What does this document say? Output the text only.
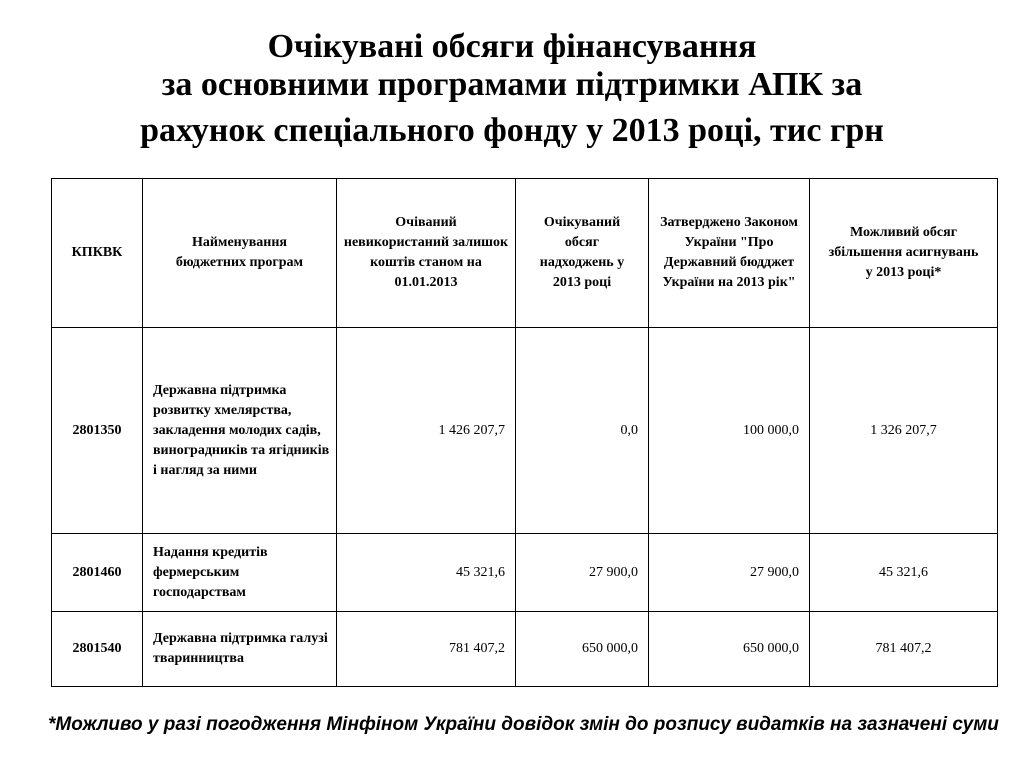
Очікувані обсяги фінансування
за основними програмами підтримки АПК за
рахунок спеціального фонду у 2013 році, тис грн
КПКВК	Найменування бюджетних програм	Очіваний невикористаний залишок коштів станом на 01.01.2013	Очікуваний обсяг надходжень у 2013 році	Затверджено Законом України "Про Державний бюдджет України на 2013 рік"	Можливий обсяг збільшення асигнувань у 2013 році*
2801350	Державна підтримка розвитку хмелярства, закладення молодих садів, виноградників та ягідників і нагляд за ними	1 426 207,7	0,0	100 000,0	1 326 207,7
2801460	Надання кредитів фермерським господарствам	45 321,6	27 900,0	27 900,0	45 321,6
2801540	Державна підтримка галузі тваринництва	781 407,2	650 000,0	650 000,0	781 407,2
*Можливо у разі погодження Мінфіном України довідок змін до розпису видатків на зазначені суми
